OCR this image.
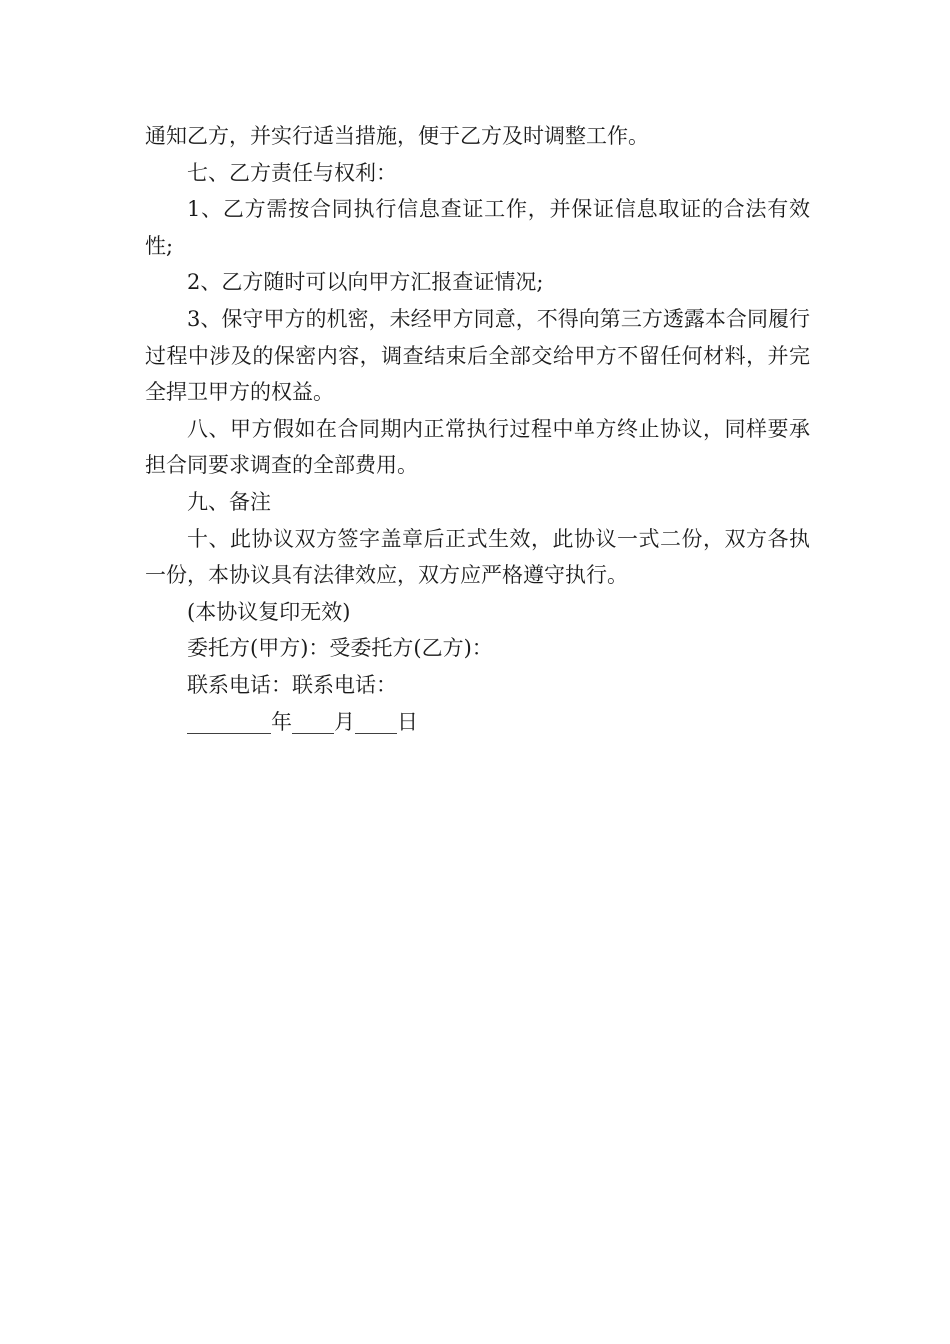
通知乙方，并实行适当措施，便于乙方及时调整工作。

七、乙方责任与权利：

1、乙方需按合同执行信息查证工作，并保证信息取证的合法有效性;

2、乙方随时可以向甲方汇报查证情况;

3、保守甲方的机密，未经甲方同意，不得向第三方透露本合同履行过程中涉及的保密内容，调查结束后全部交给甲方不留任何材料，并完全捍卫甲方的权益。

八、甲方假如在合同期内正常执行过程中单方终止协议，同样要承担合同要求调查的全部费用。

九、备注

十、此协议双方签字盖章后正式生效，此协议一式二份，双方各执一份，本协议具有法律效应，双方应严格遵守执行。

(本协议复印无效)

委托方(甲方)：受委托方(乙方)：

联系电话：联系电话：

________年____月____日
